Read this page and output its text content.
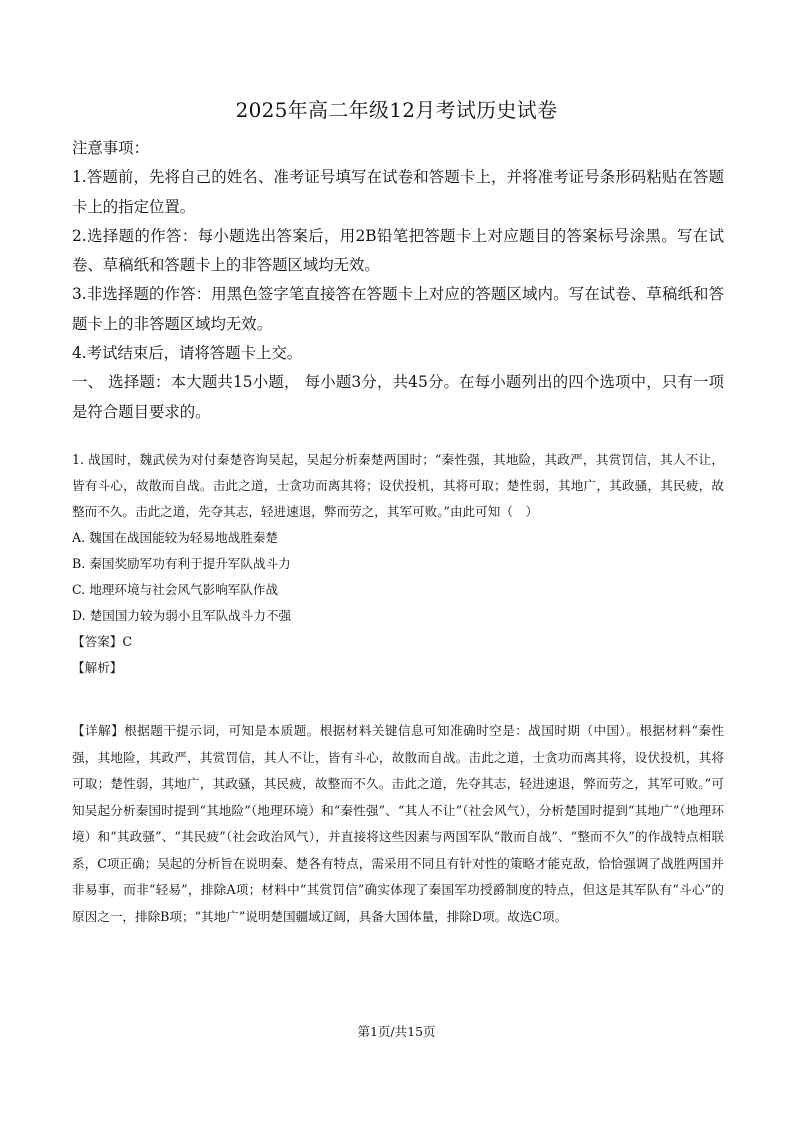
2025年高二年级12月考试历史试卷

注意事项：

1.答题前，先将自己的姓名、准考证号填写在试卷和答题卡上，并将准考证号条形码粘贴在答题卡上的指定位置。

2.选择题的作答：每小题选出答案后，用2B铅笔把答题卡上对应题目的答案标号涂黑。写在试卷、草稿纸和答题卡上的非答题区域均无效。

3.非选择题的作答：用黑色签字笔直接答在答题卡上对应的答题区域内。写在试卷、草稿纸和答题卡上的非答题区域均无效。

4.考试结束后，请将答题卡上交。

一、 选择题：本大题共15小题， 每小题3分，共45分。在每小题列出的四个选项中，只有一项是符合题目要求的。

1. 战国时，魏武侯为对付秦楚咨询吴起，吴起分析秦楚两国时；“秦性强，其地险，其政严，其赏罚信，其人不让，皆有斗心，故散而自战。击此之道，士贪功而离其将；设伏投机，其将可取；楚性弱，其地广，其政骚，其民疲，故整而不久。击此之道，先夺其志，轻进速退，弊而劳之，其军可败。”由此可知（　）

A. 魏国在战国能较为轻易地战胜秦楚

B. 秦国奖励军功有利于提升军队战斗力

C. 地理环境与社会风气影响军队作战

D. 楚国国力较为弱小且军队战斗力不强

【答案】C

【解析】

【详解】根据题干提示词，可知是本质题。根据材料关键信息可知准确时空是：战国时期（中国）。根据材料“秦性强，其地险，其政严，其赏罚信，其人不让，皆有斗心，故散而自战。击此之道，士贪功而离其将，设伏投机，其将可取；楚性弱，其地广，其政骚，其民疲，故整而不久。击此之道，先夺其志，轻进速退，弊而劳之，其军可败。”可知吴起分析秦国时提到“其地险”（地理环境）和“秦性强”、“其人不让”（社会风气），分析楚国时提到“其地广”（地理环境）和“其政骚”、“其民疲”（社会政治风气），并直接将这些因素与两国军队“散而自战”、“整而不久”的作战特点相联系，C项正确；吴起的分析旨在说明秦、楚各有特点，需采用不同且有针对性的策略才能克敌，恰恰强调了战胜两国并非易事，而非“轻易”，排除A项；材料中“其赏罚信”确实体现了秦国军功授爵制度的特点，但这是其军队有“斗心”的原因之一，排除B项；“其地广”说明楚国疆域辽阔，具备大国体量，排除D项。故选C项。

第1页/共15页
